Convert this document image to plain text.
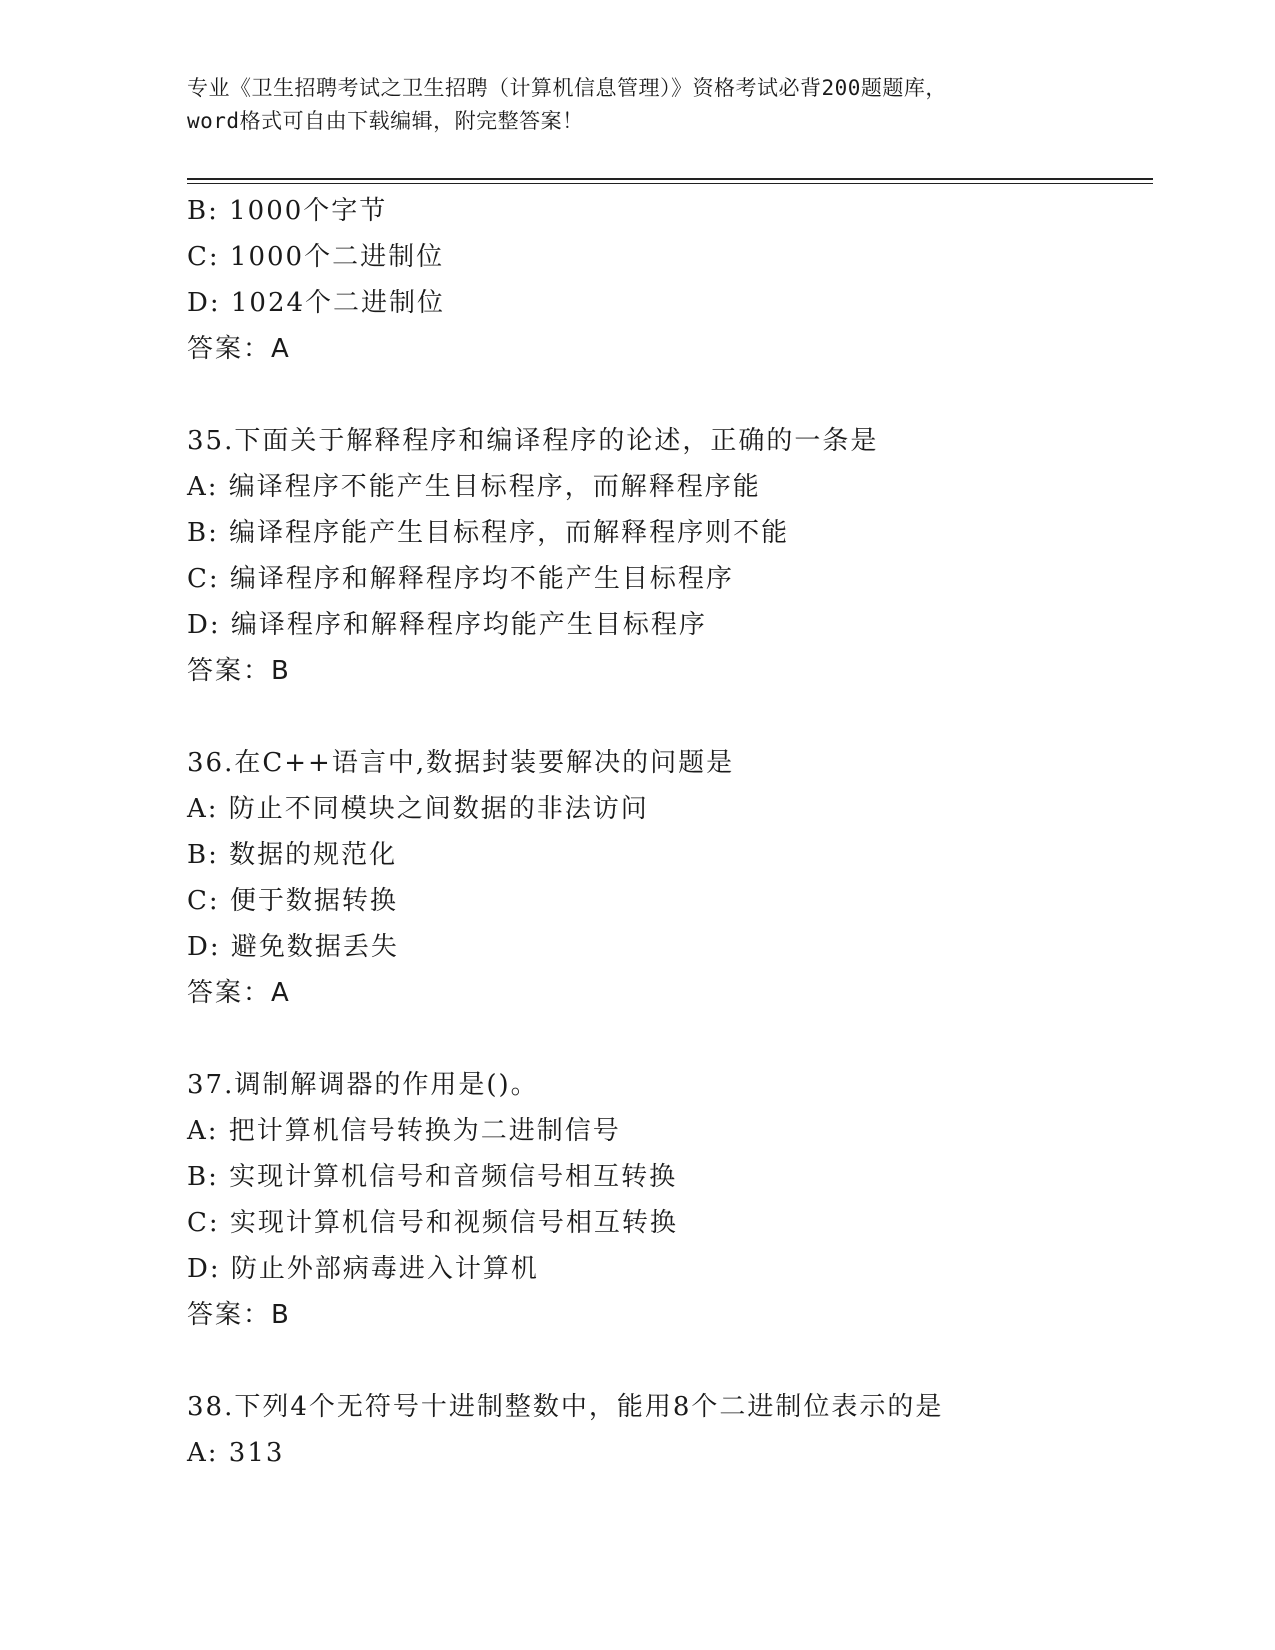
专业《卫生招聘考试之卫生招聘（计算机信息管理）》资格考试必背200题题库，

word格式可自由下载编辑，附完整答案！

B: 1000个字节
C: 1000个二进制位
D: 1024个二进制位
答案：A
35.下面关于解释程序和编译程序的论述，正确的一条是
A: 编译程序不能产生目标程序，而解释程序能
B: 编译程序能产生目标程序，而解释程序则不能
C: 编译程序和解释程序均不能产生目标程序
D: 编译程序和解释程序均能产生目标程序
答案：B
36.在C++语言中,数据封装要解决的问题是
A: 防止不同模块之间数据的非法访问
B: 数据的规范化
C: 便于数据转换
D: 避免数据丢失
答案：A
37.调制解调器的作用是()。
A: 把计算机信号转换为二进制信号
B: 实现计算机信号和音频信号相互转换
C: 实现计算机信号和视频信号相互转换
D: 防止外部病毒进入计算机
答案：B
38.下列4个无符号十进制整数中，能用8个二进制位表示的是
A: 313
